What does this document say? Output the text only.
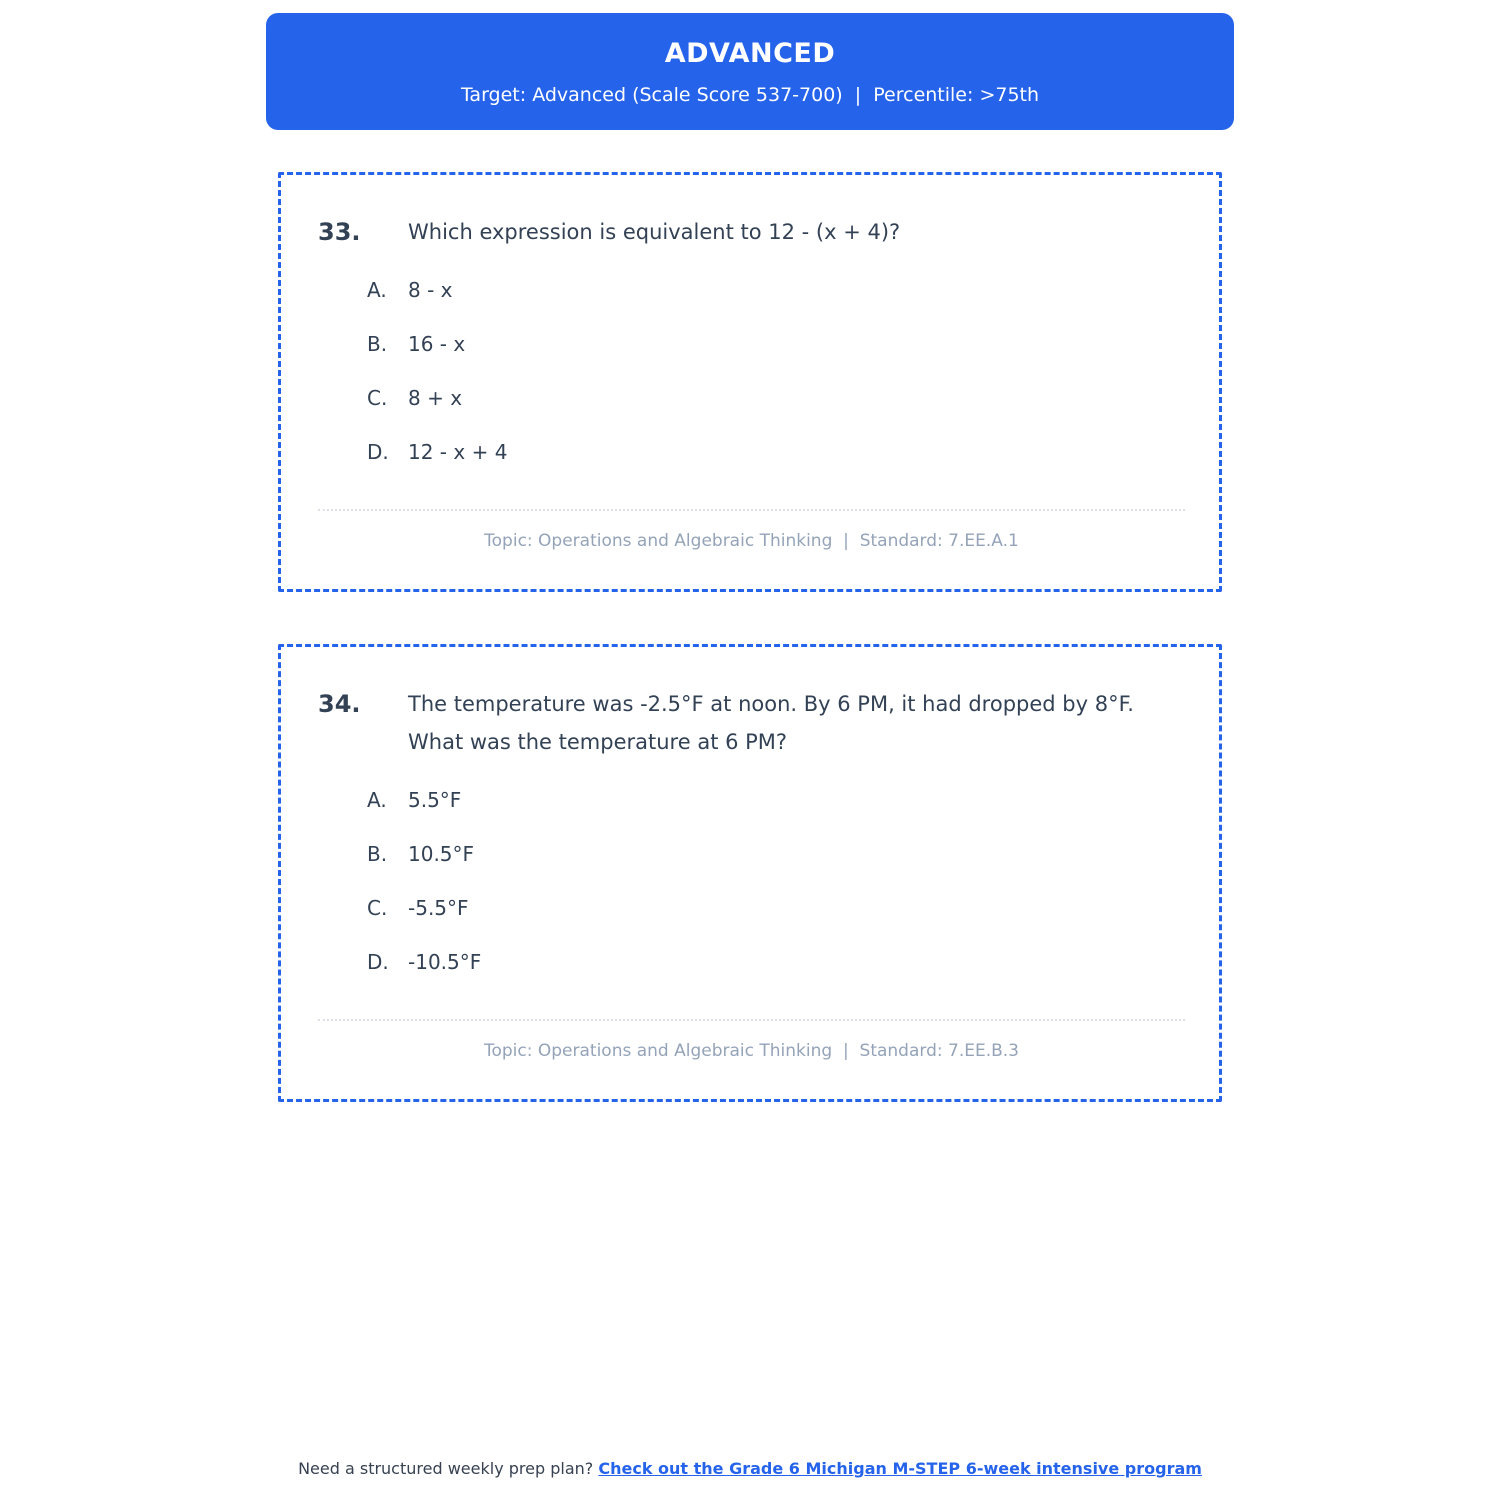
ADVANCED
Target: Advanced (Scale Score 537-700)  |  Percentile: >75th
33.	Which expression is equivalent to 12 - (x + 4)?
A.	8 - x
B.	16 - x
C.	8 + x
D. 12 - x + 4
Topic: Operations and Algebraic Thinking  |  Standard: 7.EE.A.1
34.	The temperature was -2.5°F at noon. By 6 PM, it had dropped by 8°F. What was the temperature at 6 PM?
A.	5.5°F
B.	10.5°F
C.	-5.5°F
D. -10.5°F
Topic: Operations and Algebraic Thinking  |  Standard: 7.EE.B.3
Need a structured weekly prep plan? Check out the Grade 6 Michigan M-STEP 6-week intensive program
